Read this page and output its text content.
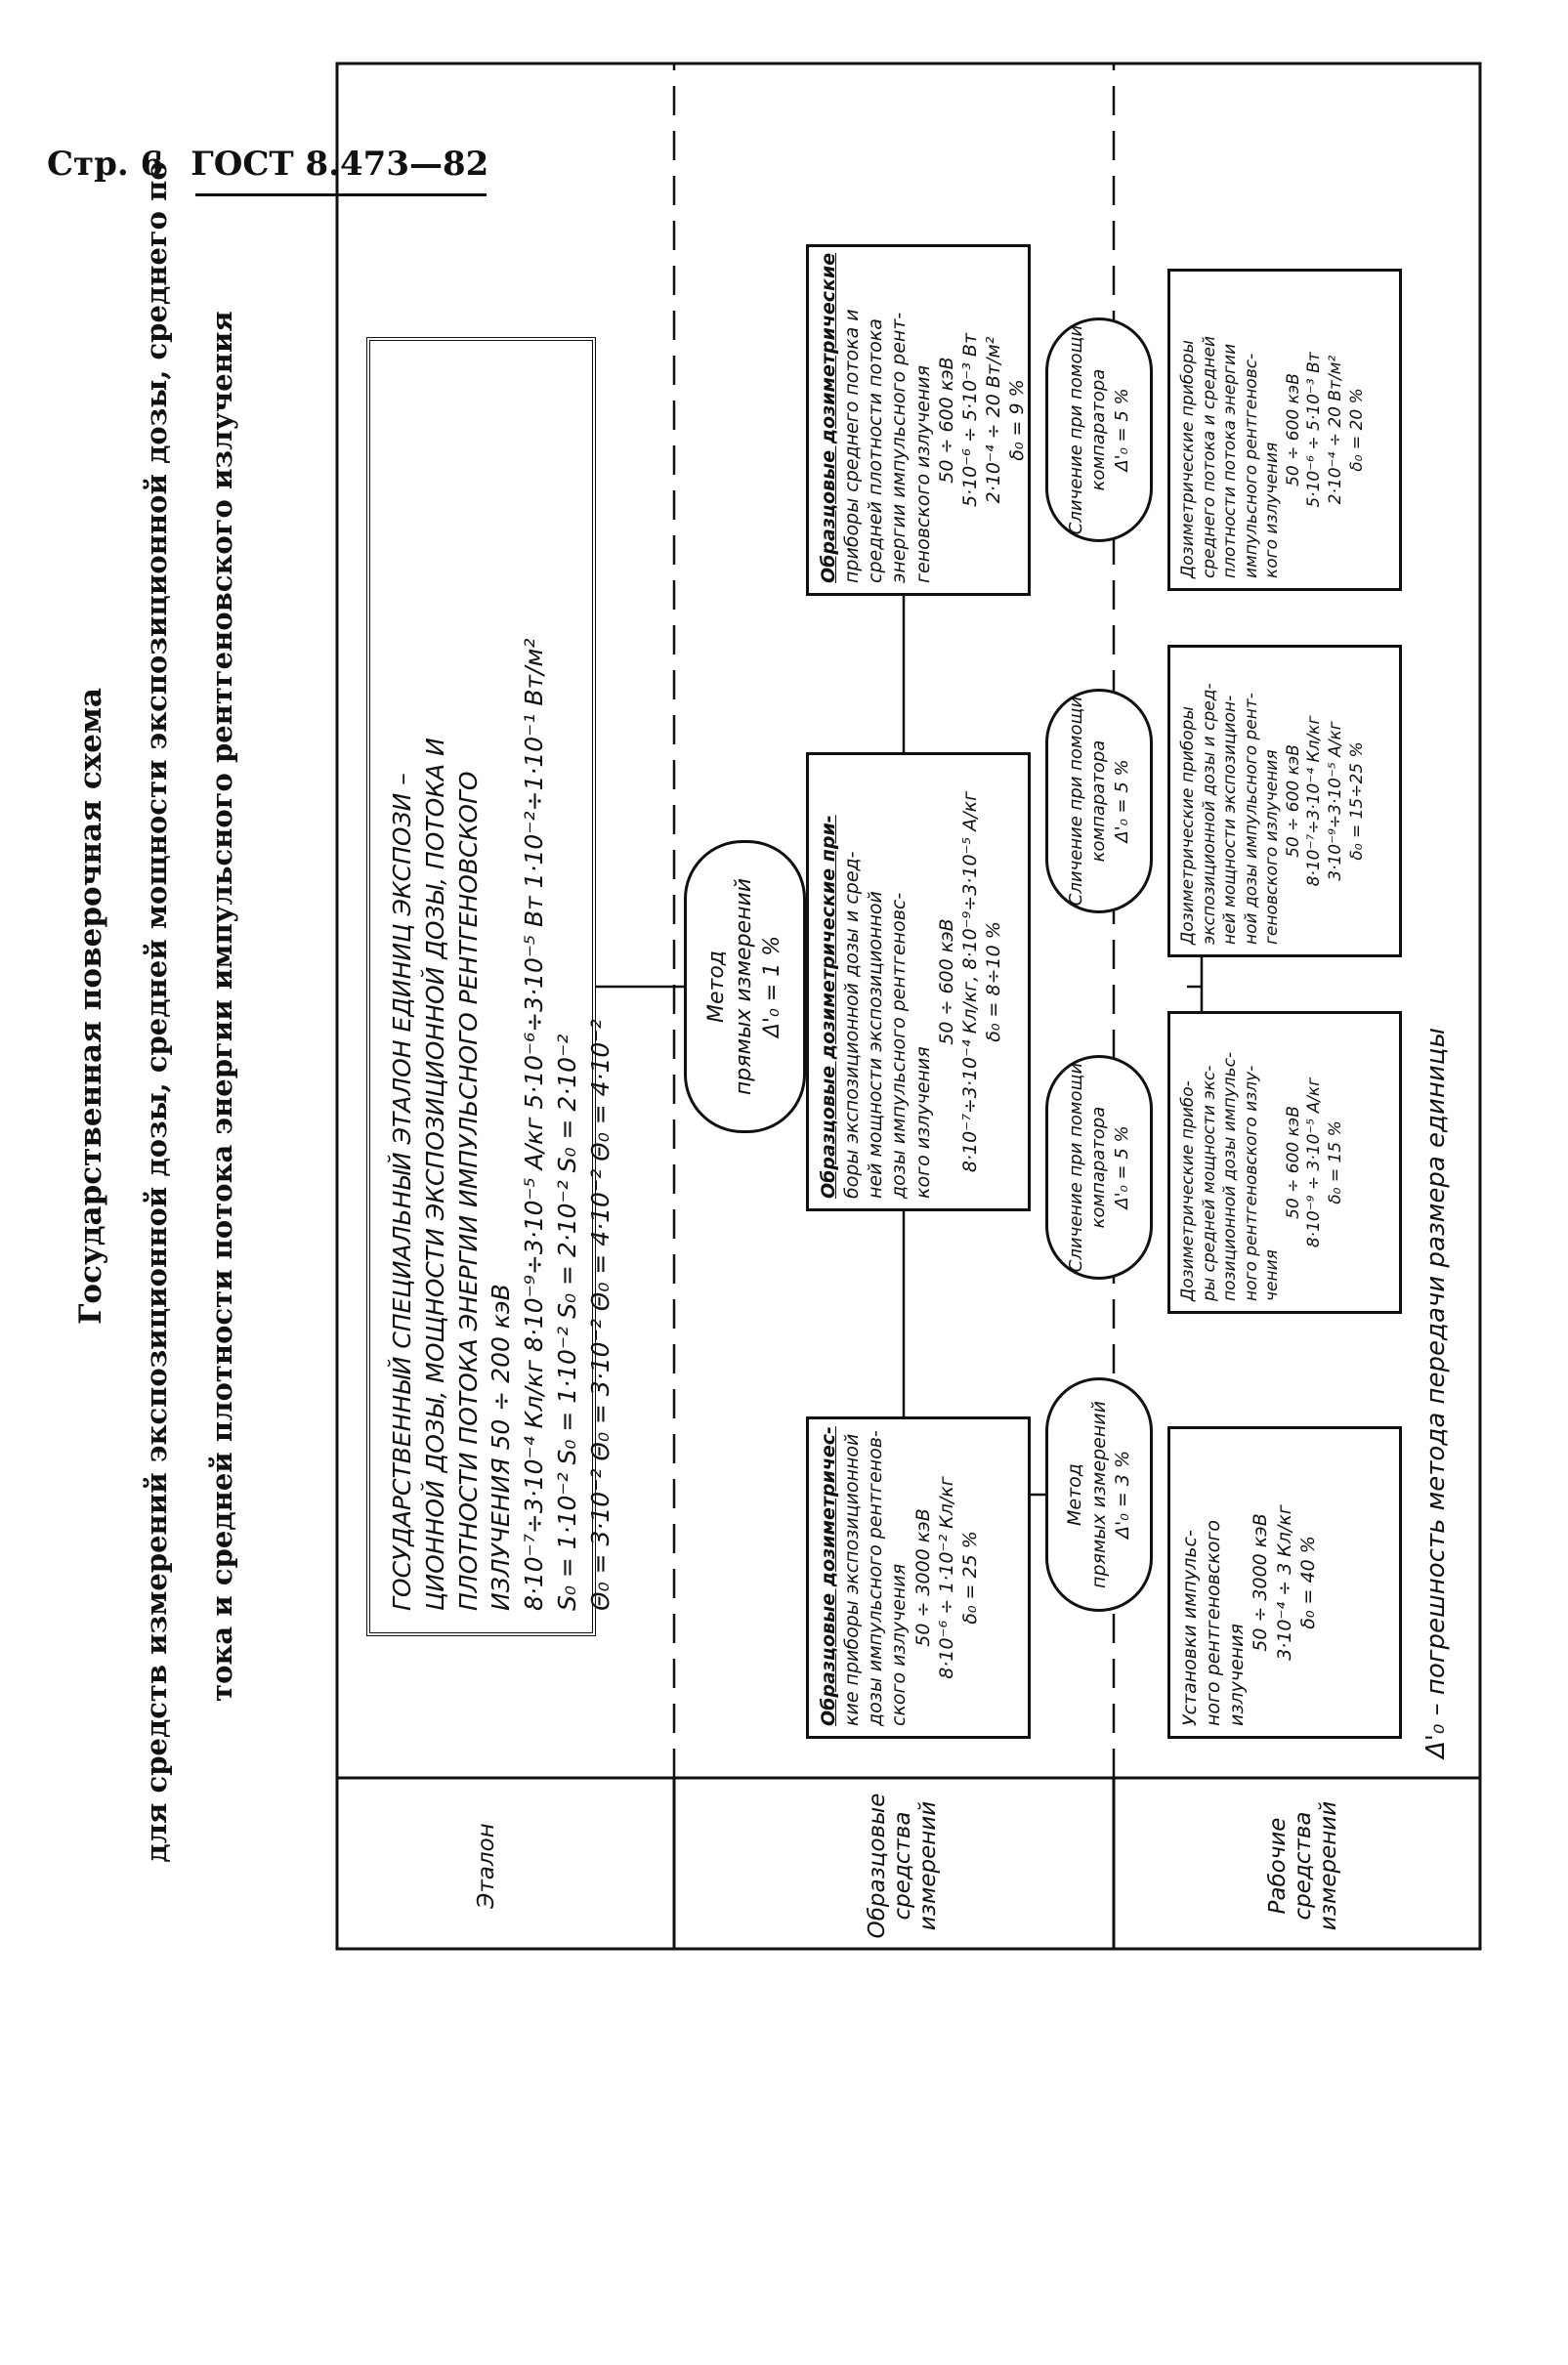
Стр. 6 ГОСТ 8.473—82
Государственная поверочная схема для средств измерений экспозиционной дозы, средней мощности экспозиционной дозы, среднего по- тока и средней плотности потока энергии импульсного рентгеновского излучения
Эталон	Образцовые средства измерений	Рабочие средства измерений
ГОСУДАРСТВЕННЫЙ СПЕЦИАЛЬНЫЙ ЭТАЛОН ЕДИНИЦ ЭКСПОЗИ – ЦИОННОЙ ДОЗЫ, МОЩНОСТИ ЭКСПОЗИЦИОННОЙ ДОЗЫ, ПОТОКА И ПЛОТНОСТИ ПОТОКА ЭНЕРГИИ ИМПУЛЬСНОГО РЕНТГЕНОВСКОГО ИЗЛУЧЕНИЯ 50 ÷ 200 кэВ 8·10⁻⁷÷3·10⁻⁴ Кл/кг 8·10⁻⁹÷3·10⁻⁵ А/кг 5·10⁻⁶÷3·10⁻⁵ Вт 1·10⁻²÷1·10⁻¹ Вт/м² S₀ = 1·10⁻² S₀ = 1·10⁻² S₀ = 2·10⁻² S₀ = 2·10⁻² Θ₀ = 3·10⁻² Θ₀ = 3·10⁻² Θ₀ = 4·10⁻² Θ₀ = 4·10⁻²
Метод прямых измерений Δ'₀ = 1 %
Образцовые дозиметричес- кие приборы экспозиционной дозы импульсного рентгенов- ского излучения 50 ÷ 3000 кэВ 8·10⁻⁶ ÷ 1·10⁻² Кл/кг δ₀ = 25 %
Образцовые дозиметрические при- боры экспозиционной дозы и сред- ней мощности экспозиционной дозы импульсного рентгеновс- кого излучения
50 ÷ 600 кэВ 8·10⁻⁷÷3·10⁻⁴ Кл/кг, 8·10⁻⁹÷3·10⁻⁵ А/кг δ₀ = 8÷10 %
Образцовые дозиметрические приборы среднего потока и средней плотности потока энергии импульсного рент- геновского излучения 50 ÷ 600 кэВ 5·10⁻⁶ ÷ 5·10⁻³ Вт 2·10⁻⁴ ÷ 20 Вт/м² δ₀ = 9 %
Метод прямых измерений Δ'₀ = 3 %
Сличение при помощи компаратора Δ'₀ = 5 %
Сличение при помощи компаратора Δ'₀ = 5 %
Сличение при помощи компаратора Δ'₀ = 5 %
Установки импульс- ного рентгеновского излучения
50 ÷ 3000 кэВ 3·10⁻⁴ ÷ 3 Кл/кг δ₀ = 40 %
Дозиметрические прибо- ры средней мощности экс- позиционной дозы импульс- ного рентгеновского излу- чения
50 ÷ 600 кэВ 8·10⁻⁹ ÷ 3·10⁻⁵ А/кг δ₀ = 15 %
Дозиметрические приборы экспозиционной дозы и сред- ней мощности экспозицион- ной дозы импульсного рент- геновского излучения 50 ÷ 600 кэВ 8·10⁻⁷÷3·10⁻⁴ Кл/кг 3·10⁻⁹÷3·10⁻⁵ А/кг δ₀ = 15÷25 %
Дозиметрические приборы среднего потока и средней плотности потока энергии импульсного рентгеновс- кого излучения
50 ÷ 600 кэВ 5·10⁻⁶ ÷ 5·10⁻³ Вт 2·10⁻⁴ ÷ 20 Вт/м² δ₀ = 20 %
Δ'₀ – погрешность метода передачи размера единицы
